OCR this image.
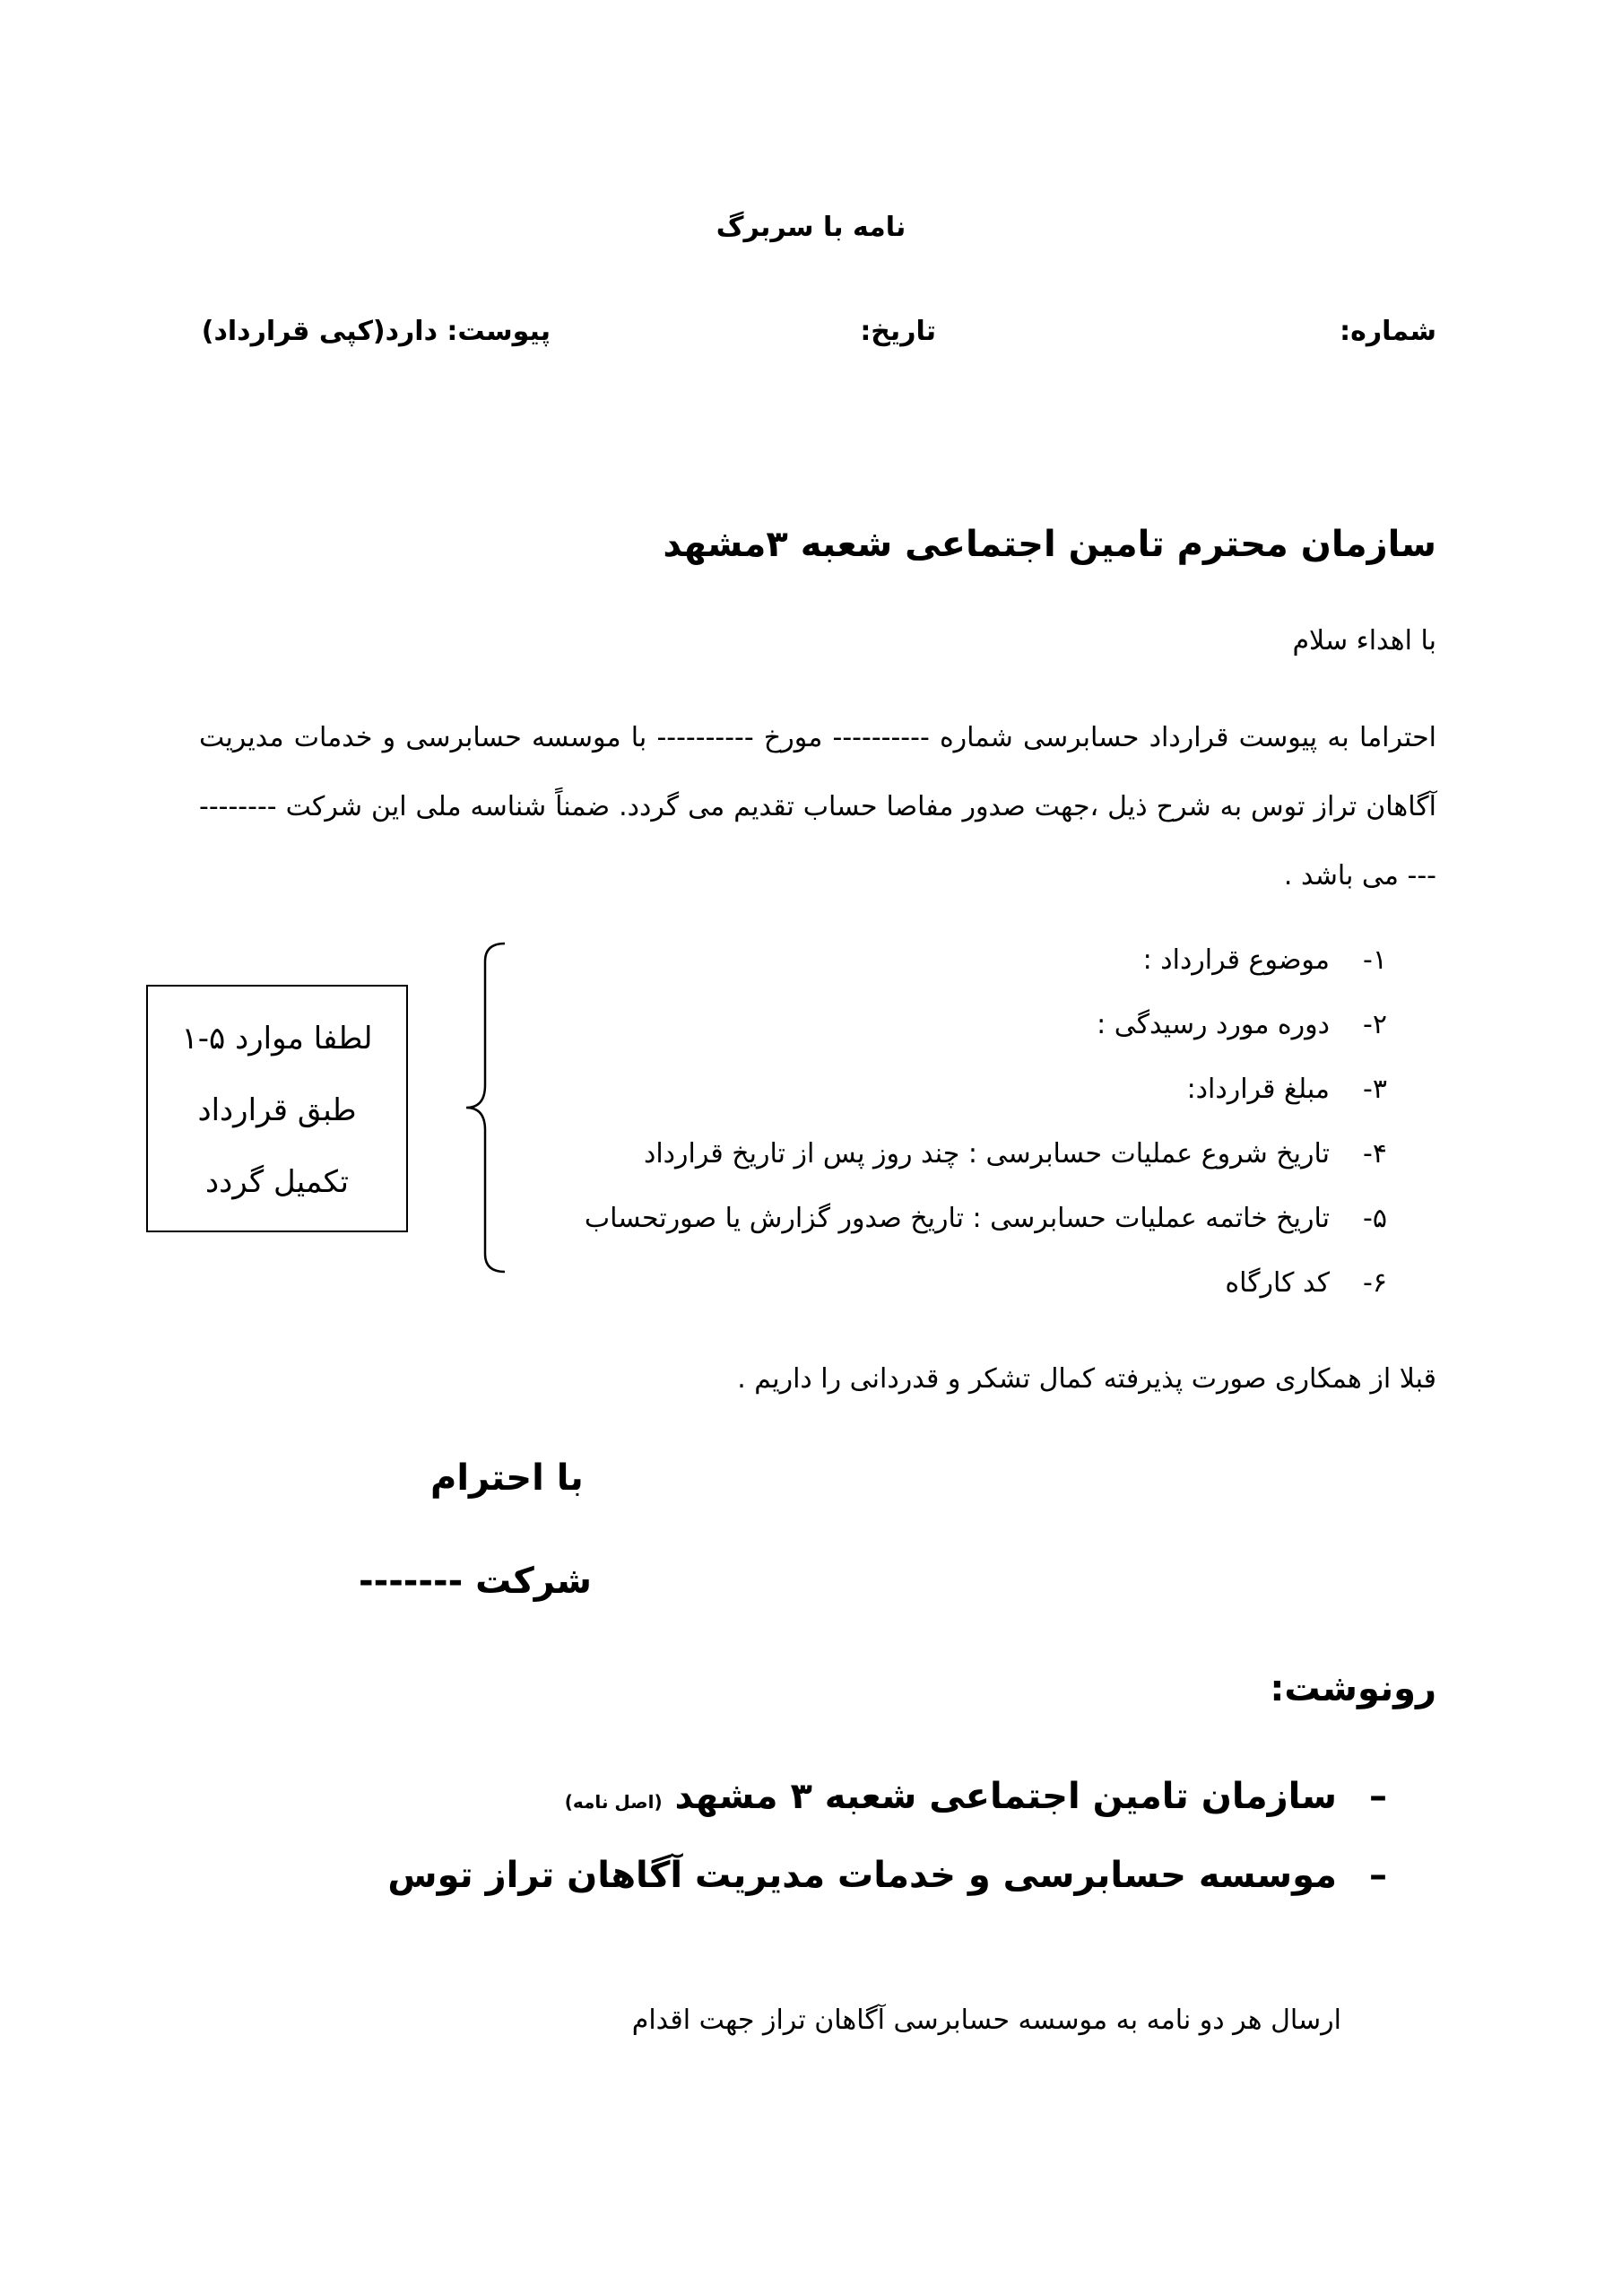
نامه با سربرگ
شماره:
تاریخ:
پیوست: دارد(کپی قرارداد)
سازمان محترم تامین اجتماعی شعبه ۳مشهد
با اهداء سلام
احتراما به پیوست قرارداد حسابرسی شماره ---------- مورخ ---------- با موسسه حسابرسی و خدمات مدیریت آگاهان تراز توس به شرح ذیل ،جهت صدور مفاصا حساب تقدیم می گردد. ضمناً شناسه ملی این شرکت ----------- می باشد .
۱-موضوع قرارداد :
۲-دوره مورد رسیدگی :
۳-مبلغ قرارداد:
۴-تاریخ شروع عملیات حسابرسی : چند روز پس از تاریخ قرارداد
۵-تاریخ خاتمه عملیات حسابرسی : تاریخ صدور گزارش یا صورتحساب
۶-کد کارگاه
لطفا موارد ۵-۱
طبق قرارداد
تکمیل گردد
قبلا از همکاری صورت پذیرفته کمال تشکر و قدردانی را داریم .
با احترام
شرکت -------
رونوشت:
–سازمان تامین اجتماعی شعبه ۳ مشهد (اصل نامه)
–موسسه حسابرسی و خدمات مدیریت آگاهان تراز توس
ارسال هر دو نامه به موسسه حسابرسی آگاهان تراز جهت اقدام
